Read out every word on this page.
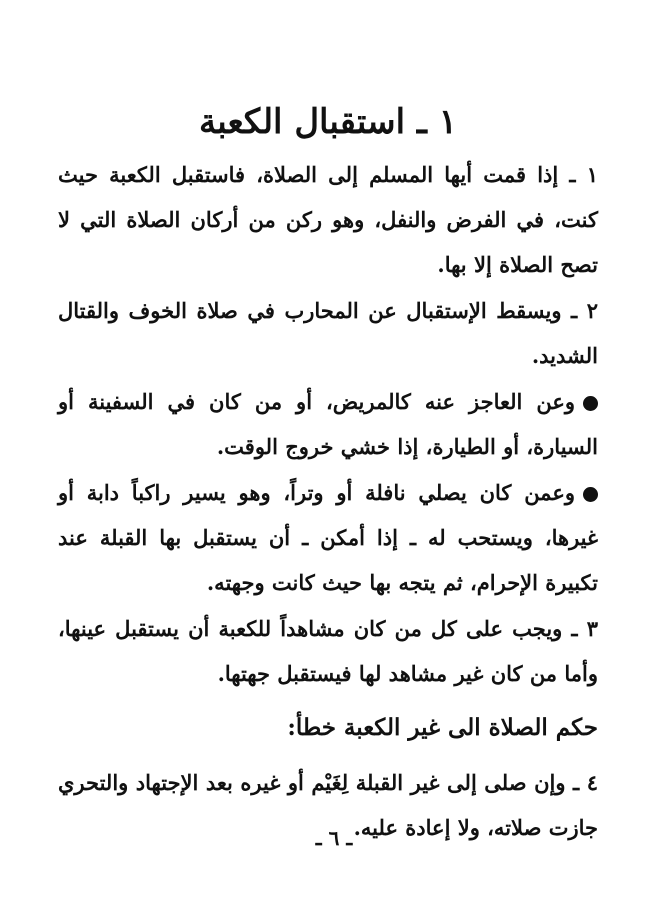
١ ـ استقبال الكعبة

١ ـ إذا قمت أيها المسلم إلى الصلاة، فاستقبل الكعبة حيث كنت، في الفرض والنفل، وهو ركن من أركان الصلاة التي لا تصح الصلاة إلا بها.

٢ ـ ويسقط الإستقبال عن المحارب في صلاة الخوف والقتال الشديد.

وعن العاجز عنه كالمريض، أو من كان في السفينة أو السيارة، أو الطيارة، إذا خشي خروج الوقت.

وعمن كان يصلي نافلة أو وتراً، وهو يسير راكباً دابة أو غيرها، ويستحب له ـ إذا أمكن ـ أن يستقبل بها القبلة عند تكبيرة الإحرام، ثم يتجه بها حيث كانت وجهته.

٣ ـ ويجب على كل من كان مشاهداً للكعبة أن يستقبل عينها، وأما من كان غير مشاهد لها فيستقبل جهتها.

حكم الصلاة الى غير الكعبة خطأ:

٤ ـ وإن صلى إلى غير القبلة لِغَيْم أو غيره بعد الإجتهاد والتحري جازت صلاته، ولا إعادة عليه.

ـ ٦ ـ
